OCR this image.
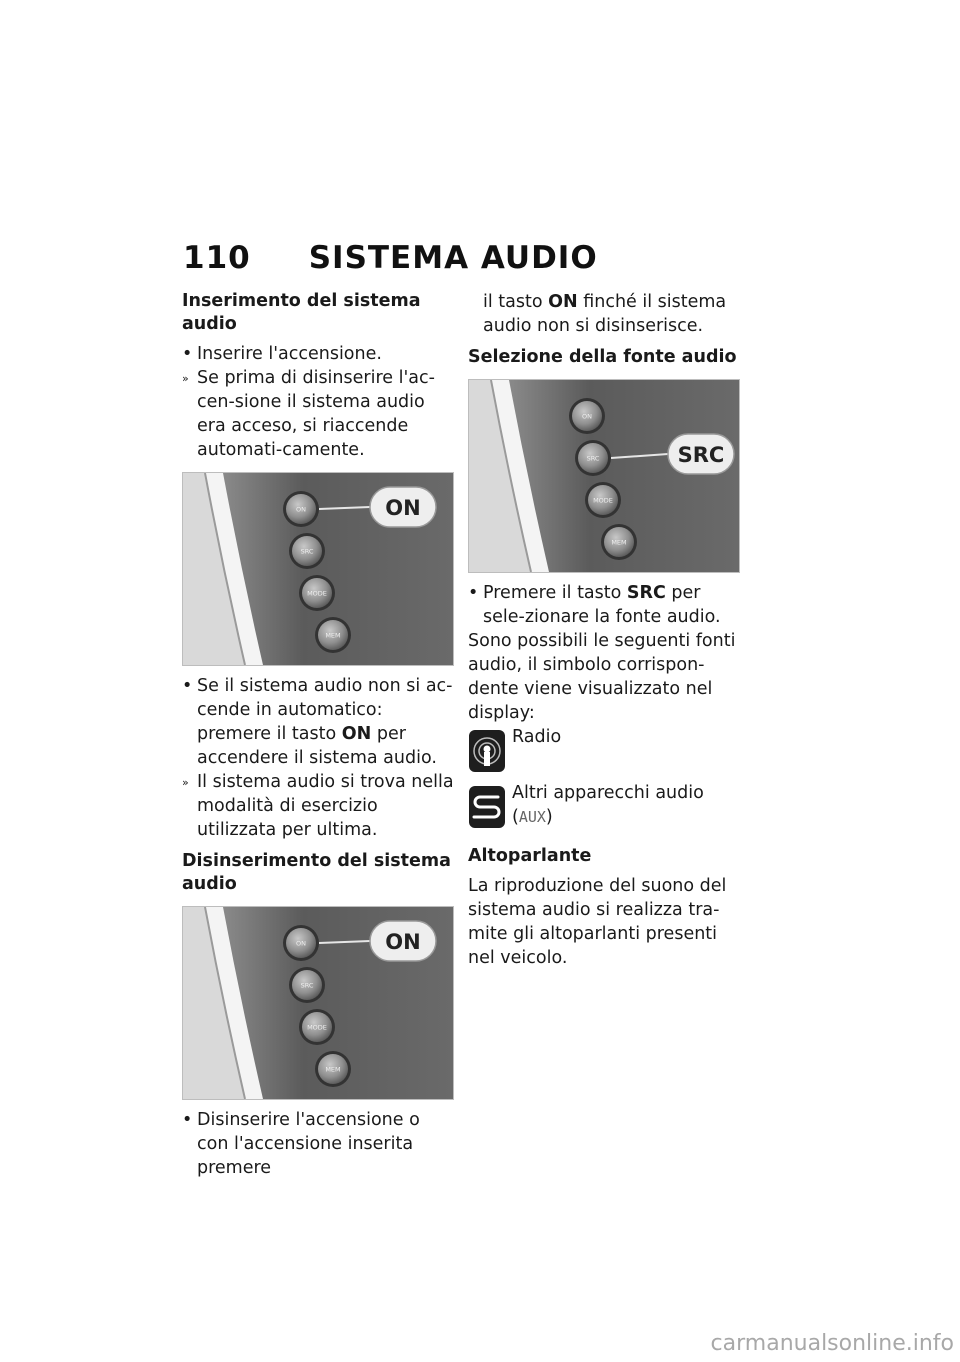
110 SISTEMA AUDIO
Inserimento del sistema audio
• Inserire l'accensione.
» Se prima di disinserire l'ac-cen-sione il sistema audio era acceso, si riaccende automati-camente.
ON
SRC
MODE
MEM
ON
• Se il sistema audio non si ac-cende in automatico: premere il tasto ON per accendere il sistema audio.
» Il sistema audio si trova nella modalità di esercizio utilizzata per ultima.
Disinserimento del sistema audio
ON
SRC
MODE
MEM
ON
• Disinserire l'accensione o con l'accensione inserita premere
il tasto ON finché il sistema audio non si disinserisce.
Selezione della fonte audio
ON
SRC
MODE
MEM
SRC
• Premere il tasto SRC per sele-zionare la fonte audio.

Sono possibili le seguenti fonti audio, il simbolo corrispon-dente viene visualizzato nel display:

Radio
Altri apparecchi audio
(AUX)
Altoparlante

La riproduzione del suono del sistema audio si realizza tra-mite gli altoparlanti presenti nel veicolo.

carmanualsonline.info
